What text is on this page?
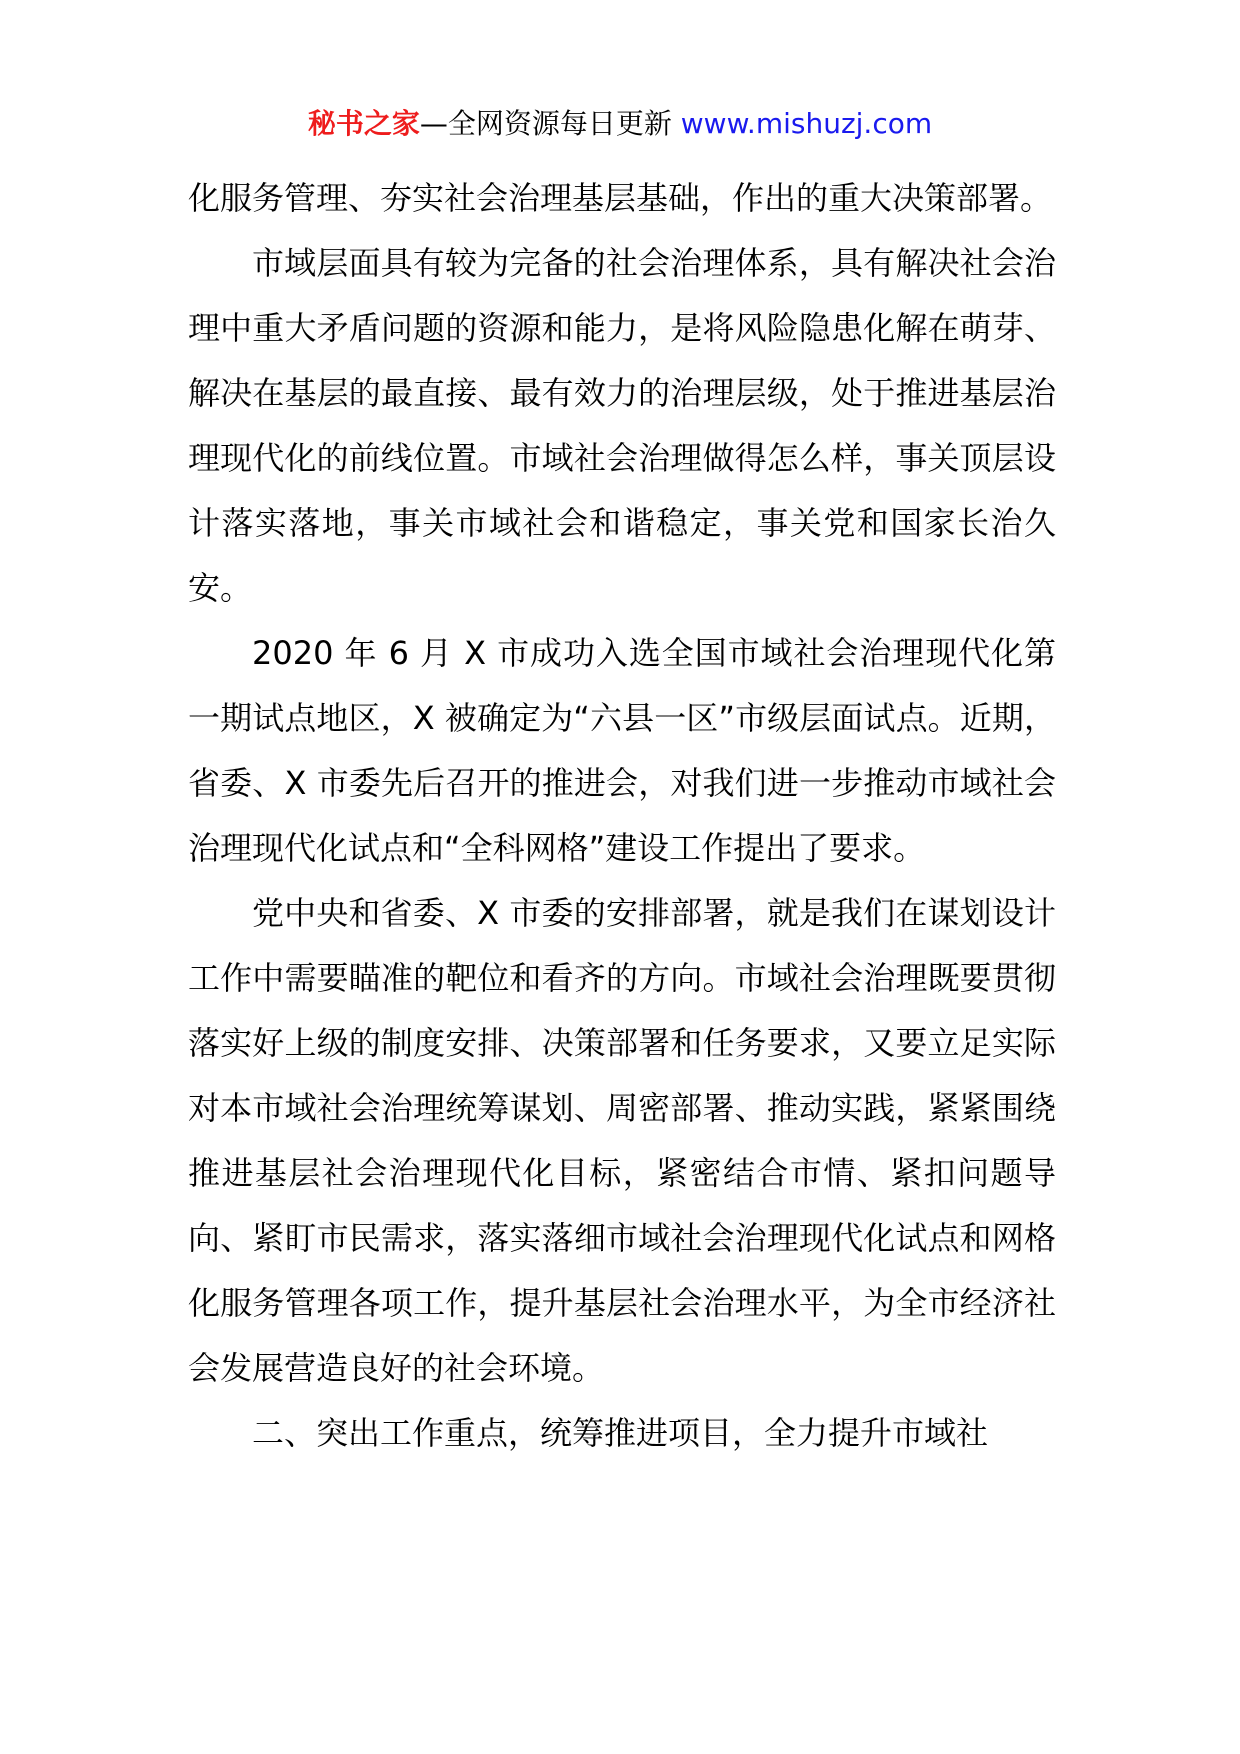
秘书之家—全网资源每日更新 www.mishuzj.com

化服务管理、夯实社会治理基层基础，作出的重大决策部署。

市域层面具有较为完备的社会治理体系，具有解决社会治理中重大矛盾问题的资源和能力，是将风险隐患化解在萌芽、解决在基层的最直接、最有效力的治理层级，处于推进基层治理现代化的前线位置。市域社会治理做得怎么样，事关顶层设计落实落地，事关市域社会和谐稳定，事关党和国家长治久安。

2020 年 6 月 X 市成功入选全国市域社会治理现代化第一期试点地区，X 被确定为“六县一区”市级层面试点。近期，省委、X 市委先后召开的推进会，对我们进一步推动市域社会治理现代化试点和“全科网格”建设工作提出了要求。

党中央和省委、X 市委的安排部署，就是我们在谋划设计工作中需要瞄准的靶位和看齐的方向。市域社会治理既要贯彻落实好上级的制度安排、决策部署和任务要求，又要立足实际对本市域社会治理统筹谋划、周密部署、推动实践，紧紧围绕推进基层社会治理现代化目标，紧密结合市情、紧扣问题导向、紧盯市民需求，落实落细市域社会治理现代化试点和网格化服务管理各项工作，提升基层社会治理水平，为全市经济社会发展营造良好的社会环境。

二、突出工作重点，统筹推进项目，全力提升市域社
